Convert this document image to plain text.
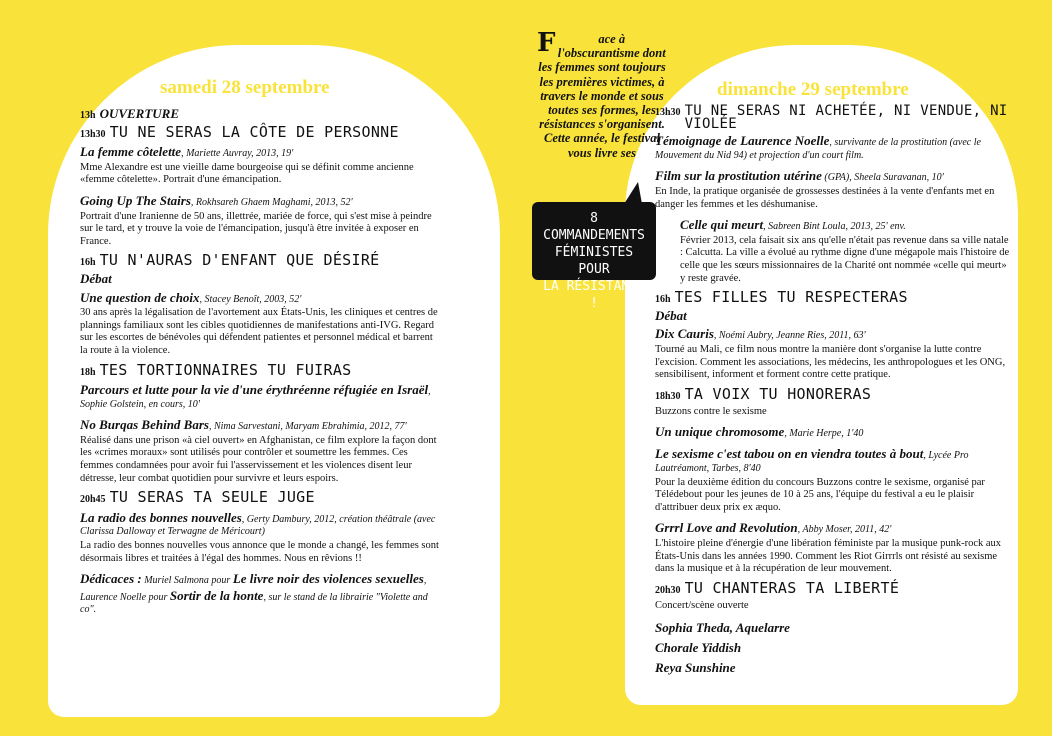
samedi 28 septembre	dimanche 29 septembre
13h OUVERTURE
13h30 TU NE SERAS LA CÔTE DE PERSONNE
La femme côtelette, Mariette Auvray, 2013, 19'
Mme Alexandre est une vieille dame bourgeoise qui se définit comme ancienne «femme côtelette». Portrait d'une émancipation.
Going Up The Stairs, Rokhsareh Ghaem Maghami, 2013, 52'
Portrait d'une Iranienne de 50 ans, illettrée, mariée de force, qui s'est mise à peindre sur le tard, et y trouve la voie de l'émancipation, jusqu'à être invitée à exposer en France.
16h TU N'AURAS D'ENFANT QUE DÉSIRÉ
Débat
Une question de choix, Stacey Benoît, 2003, 52'
30 ans après la légalisation de l'avortement aux États-Unis, les cliniques et centres de plannings familiaux sont les cibles quotidiennes de manifestations anti-IVG. Regard sur les escortes de bénévoles qui défendent patientes et personnel médical et barrent la route à la violence.
18h TES TORTIONNAIRES TU FUIRAS
Parcours et lutte pour la vie d'une érythréenne réfugiée en Israël, Sophie Golstein, en cours, 10'
No Burqas Behind Bars, Nima Sarvestani, Maryam Ebrahimia, 2012, 77'
Réalisé dans une prison «à ciel ouvert» en Afghanistan, ce film explore la façon dont les «crimes moraux» sont utilisés pour contrôler et soumettre les femmes. Ces femmes condamnées pour avoir fui l'asservissement et les violences disent leur détresse, leur combat quotidien pour survivre et leurs espoirs.
20h45 TU SERAS TA SEULE JUGE
La radio des bonnes nouvelles, Gerty Dambury, 2012, création théâtrale (avec Clarissa Dalloway et Terwagne de Méricourt)
La radio des bonnes nouvelles vous annonce que le monde a changé, les femmes sont désormais libres et traitées à l'égal des hommes. Nous en rêvions !!
Dédicaces : Muriel Salmona pour Le livre noir des violences sexuelles, Laurence Noelle pour Sortir de la honte, sur le stand de la librairie "Violette and co".
F	ace à l'obscurantisme dont les femmes sont toujours les premières victimes, à travers le monde et sous toutes ses formes, les résistances s'organisent. Cette année, le festival vous livre ses
8 COMMANDEMENTS
FÉMINISTES POUR
LA RÉSISTANCE !
13h30 TU NE SERAS NI ACHETÉE, NI VENDUE, NI VIOLÉE
Témoignage de Laurence Noelle, survivante de la prostitution (avec le Mouvement du Nid 94) et projection d'un court film.
Film sur la prostitution utérine (GPA), Sheela Suravanan, 10'
En Inde, la pratique organisée de grossesses destinées à la vente d'enfants met en danger les femmes et les déshumanise.
Celle qui meurt, Sabreen Bint Loula, 2013, 25' env.
Février 2013, cela faisait six ans qu'elle n'était pas revenue dans sa ville natale : Calcutta. La ville a évolué au rythme digne d'une mégapole mais l'histoire de celle que les sœurs missionnaires de la Charité ont nommée «celle qui meurt» y reste gravée.
16h TES FILLES TU RESPECTERAS
Débat
Dix Cauris, Noémi Aubry, Jeanne Ries, 2011, 63'
Tourné au Mali, ce film nous montre la manière dont s'organise la lutte contre l'excision. Comment les associations, les médecins, les anthropologues et les ONG, sensibilisent, informent et forment contre cette pratique.
18h30 TA VOIX TU HONORERAS
Buzzons contre le sexisme
Un unique chromosome, Marie Herpe, 1'40
Le sexisme c'est tabou on en viendra toutes à bout, Lycée Pro Lautréamont, Tarbes, 8'40
Pour la deuxième édition du concours Buzzons contre le sexisme, organisé par Télédebout pour les jeunes de 10 à 25 ans, l'équipe du festival a eu le plaisir d'attribuer deux prix ex æquo.
Grrrl Love and Revolution, Abby Moser, 2011, 42'
L'histoire pleine d'énergie d'une libération féministe par la musique punk-rock aux États-Unis dans les années 1990. Comment les Riot Girrrls ont résisté au sexisme dans la musique et à la récupération de leur mouvement.
20h30 TU CHANTERAS TA LIBERTÉ
Concert/scène ouverte
Sophia Theda, Aquelarre
Chorale Yiddish
Reya Sunshine
